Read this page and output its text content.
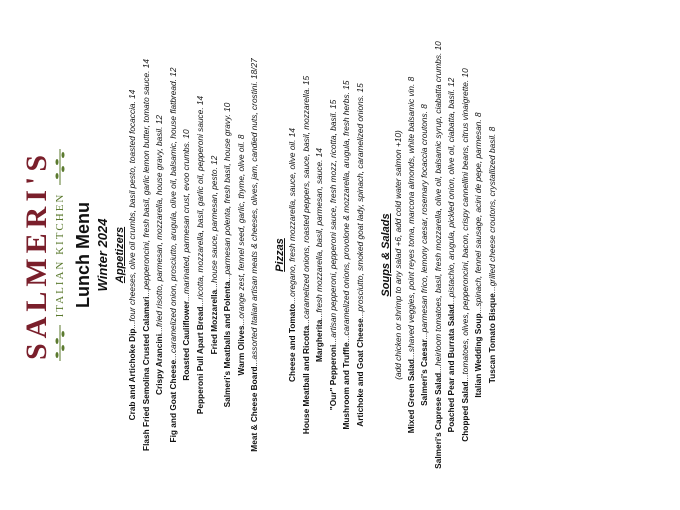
SALMERI'S ITALIAN KITCHEN Lunch Menu Winter 2024 Appetizers
Crab and Artichoke Dip...four cheeses, olive oil crumbs, basil pesto, toasted focaccia. 14
Flash Fried Semolina Crusted Calamari...pepperoncini, fresh basil, garlic lemon butter, tomato sauce. 14
Crispy Arancini...fried risotto, parmesan, mozzarella, house gravy, basil. 12
Fig and Goat Cheese...caramelized onion, prosciutto, arugula, olive oil, balsamic, house flatbread. 12 Roasted Cauliflower...marinated, parmesan crust, evoo crumbs. 10
Pepperoni Pull Apart Bread...ricotta, mozzarella, basil, garlic oil, pepperoni sauce. 14
Fried Mozzarella...house sauce, parmesan, pesto. 12
Salmeri's Meatballs and Polenta...parmesan polenta, fresh basil, house gravy. 10
Warm Olives...orange zest, fennel seed, garlic, thyme, olive oil. 8
Meat & Cheese Board...assorted Italian artisan meats & cheeses, olives, jam, candied nuts, crostini. 18/27 Pizzas
Cheese and Tomato...oregano, fresh mozzarella, sauce, olive oil. 14
House Meatball and Ricotta...caramelized onions, roasted peppers, sauce, basil, mozzarella. 15
Margherita...fresh mozzarella, basil, parmesan, sauce. 14
"Our" Pepperoni...artisan pepperoni, pepperoni sauce, fresh mozz, ricotta, basil. 15
Mushroom and Truffle...caramelized onions, provolone & mozzarella, arugula, fresh herbs. 15
Artichoke and Goat Cheese...prosciutto, smoked goat lady, spinach, caramelized onions. 15 Soups & Salads (add chicken or shrimp to any salad +6, add cold water salmon +10)
Mixed Green Salad...shaved veggies, point reyes toma, marcona almonds, white balsamic vin. 8
Salmeri's Caesar...parmesan frico, lemony caesar, rosemary focaccia croutons. 8
Salmeri's Caprese Salad...heirloom tomatoes, basil, fresh mozzarella, olive oil, balsamic syrup, ciabatta crumbs. 10 Poached Pear and Burrata Salad...pistachio, arugula, pickled onion, olive oil, ciabatta, basil. 12
Chopped Salad...tomatoes, olives, pepperoncini, bacon, crispy cannellini beans, citrus vinaigrette. 10 Italian Wedding Soup...spinach, fennel sausage, acini de pepe, parmesan. 8
Tuscan Tomato Bisque...grilled cheese croutons, crystallized basil. 8
